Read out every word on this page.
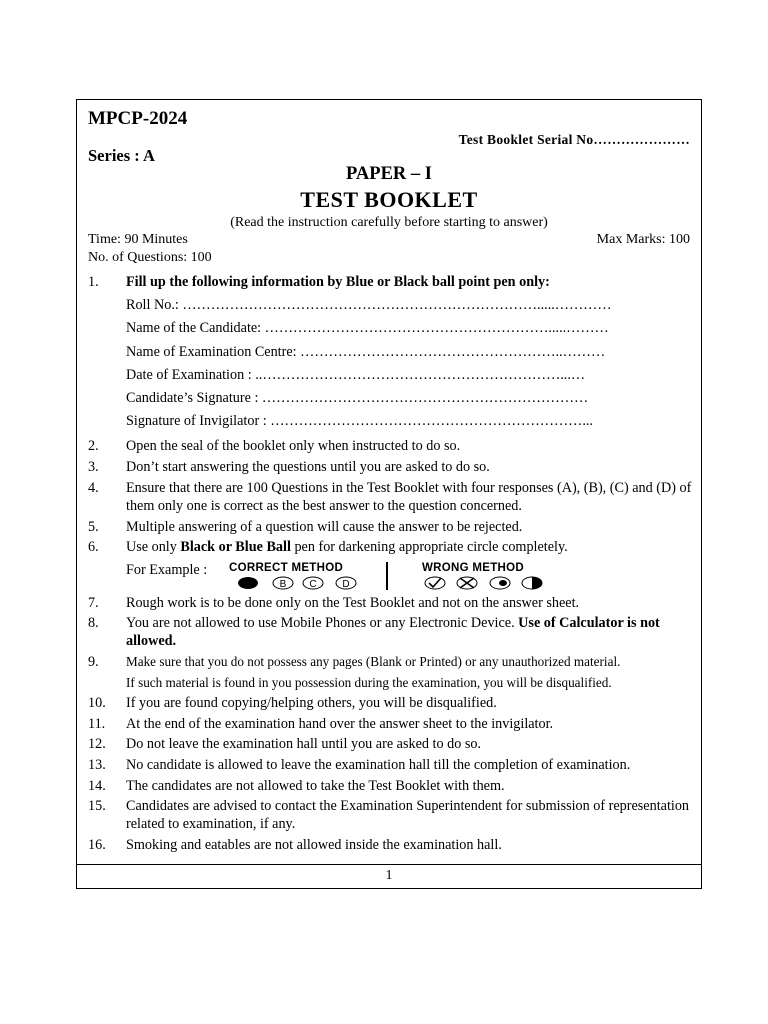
MPCP-2024
Test Booklet Serial No…………………
Series : A
PAPER – I
TEST BOOKLET
(Read the instruction carefully before starting to answer)
Time: 90 Minutes	Max Marks: 100
No. of Questions: 100
1. Fill up the following information by Blue or Black ball point pen only:
Roll No.: ………………………………………………………………….....…………
Name of the Candidate: …………………………………………………….....………
Name of Examination Centre: ………………………………………………..………
Date of Examination : ..………………………………………………………...…
Candidate’s Signature : ……………………………………………………………
Signature of Invigilator : …………………………………………………………...
2. Open the seal of the booklet only when instructed to do so.
3. Don’t start answering the questions until you are asked to do so.
4. Ensure that there are 100 Questions in the Test Booklet with four responses (A), (B), (C) and (D) of them only one is correct as the best answer to the question concerned.
5. Multiple answering of a question will cause the answer to be rejected.
6. Use only Black or Blue Ball pen for darkening appropriate circle completely.
For Example : CORRECT METHOD	WRONG METHOD
B C	D
7. Rough work is to be done only on the Test Booklet and not on the answer sheet.
8. You are not allowed to use Mobile Phones or any Electronic Device. Use of Calculator is not allowed.
9. Make sure that you do not possess any pages (Blank or Printed) or any unauthorized material.
If such material is found in you possession during the examination, you will be disqualified.
10. If you are found copying/helping others, you will be disqualified.
11. At the end of the examination hand over the answer sheet to the invigilator.
12. Do not leave the examination hall until you are asked to do so.
13. No candidate is allowed to leave the examination hall till the completion of examination.
14. The candidates are not allowed to take the Test Booklet with them.
15. Candidates are advised to contact the Examination Superintendent for submission of representation related to examination, if any.
16. Smoking and eatables are not allowed inside the examination hall.
1
